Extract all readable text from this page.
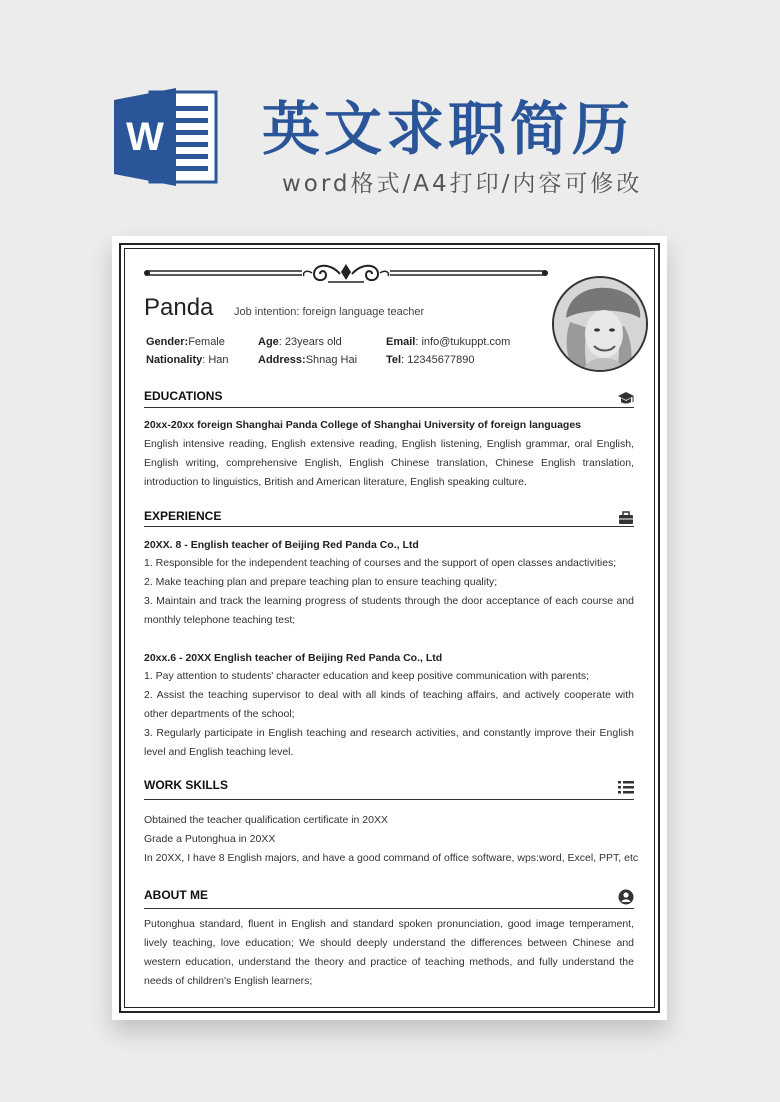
W 英文求职简历
word格式/A4打印/内容可修改
Panda Job intention: foreign language teacher
Gender:Female	Age: 23years old	Email: info@tukuppt.com
Nationality: Han	Address:Shnag Hai	Tel: 12345677890
EDUCATIONS
20xx-20xx foreign Shanghai Panda College of Shanghai University of foreign languages
English intensive reading, English extensive reading, English listening, English grammar, oral English,
English writing, comprehensive English, English Chinese translation, Chinese English translation,
introduction to linguistics, British and American literature, English speaking culture.
EXPERIENCE
20XX. 8 - English teacher of Beijing Red Panda Co., Ltd
1. Responsible for the independent teaching of courses and the support of open classes andactivities;
2. Make teaching plan and prepare teaching plan to ensure teaching quality;
3. Maintain and track the learning progress of students through the door acceptance of each course and
monthly telephone teaching test;
20xx.6 - 20XX English teacher of Beijing Red Panda Co., Ltd
1. Pay attention to students' character education and keep positive communication with parents;
2. Assist the teaching supervisor to deal with all kinds of teaching affairs, and actively cooperate with
other departments of the school;
3. Regularly participate in English teaching and research activities, and constantly improve their English
level and English teaching level.
WORK SKILLS
Obtained the teacher qualification certificate in 20XX
Grade a Putonghua in 20XX
In 20XX, I have 8 English majors, and have a good command of office software, wps:word, Excel, PPT, etc
ABOUT ME
Putonghua standard, fluent in English and standard spoken pronunciation, good image temperament,
lively teaching, love education; We should deeply understand the differences between Chinese and
western education, understand the theory and practice of teaching methods, and fully understand the
needs of children's English learners;
